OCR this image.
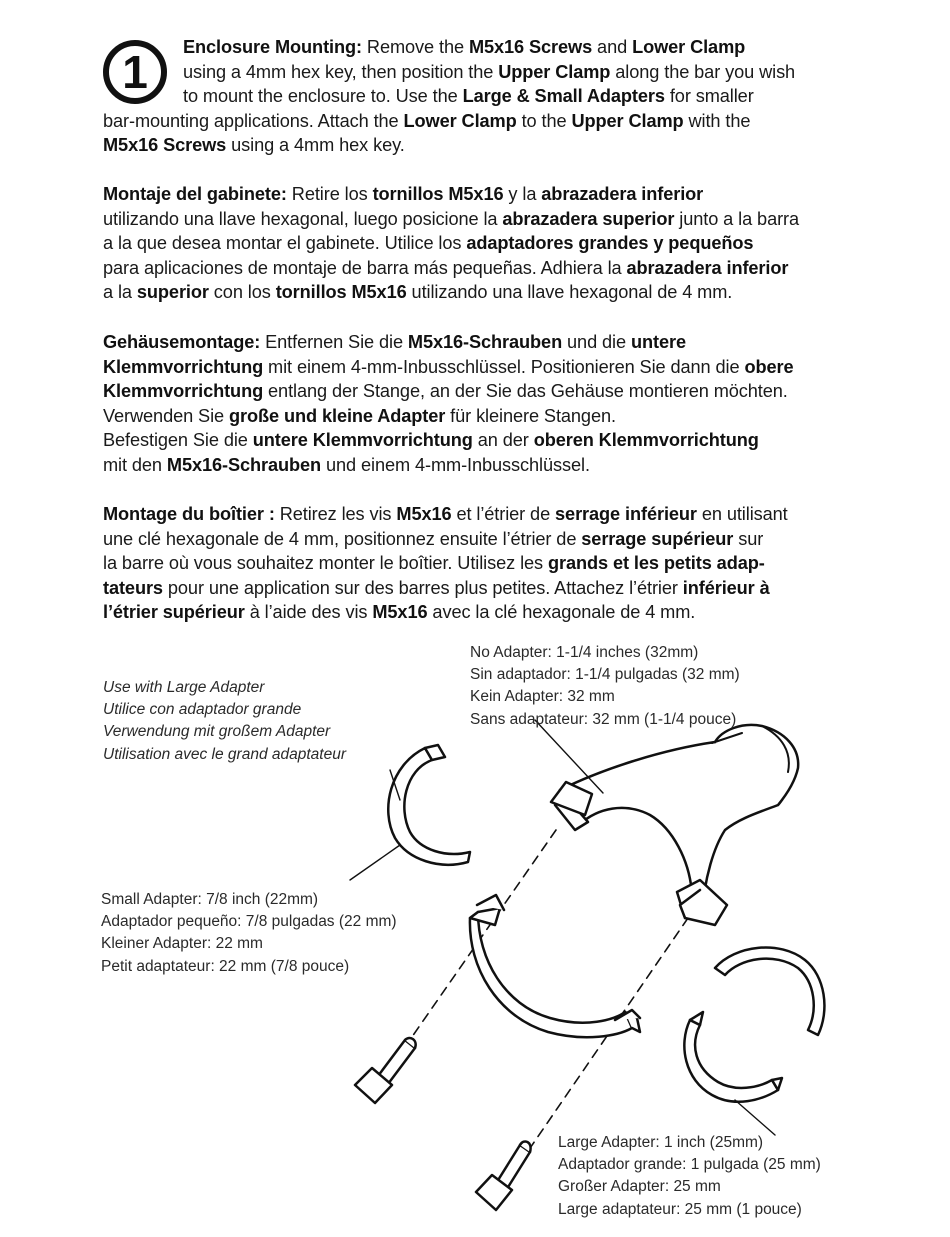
1	Enclosure Mounting: Remove the M5x16 Screws and Lower Clamp
using a 4mm hex key, then position the Upper Clamp along the bar you wish
to mount the enclosure to. Use the Large & Small Adapters for smaller
bar-mounting applications. Attach the Lower Clamp to the Upper Clamp with the
M5x16 Screws using a 4mm hex key.
Montaje del gabinete: Retire los tornillos M5x16 y la abrazadera inferior
utilizando una llave hexagonal, luego posicione la abrazadera superior junto a la barra
a la que desea montar el gabinete. Utilice los adaptadores grandes y pequeños
para aplicaciones de montaje de barra más pequeñas. Adhiera la abrazadera inferior
a la superior con los tornillos M5x16 utilizando una llave hexagonal de 4 mm.
Gehäusemontage: Entfernen Sie die M5x16-Schrauben und die untere
Klemmvorrichtung mit einem 4-mm-Inbusschlüssel. Positionieren Sie dann die obere
Klemmvorrichtung entlang der Stange, an der Sie das Gehäuse montieren möchten.
Verwenden Sie große und kleine Adapter für kleinere Stangen.
Befestigen Sie die untere Klemmvorrichtung an der oberen Klemmvorrichtung
mit den M5x16-Schrauben und einem 4-mm-Inbusschlüssel.
Montage du boîtier : Retirez les vis M5x16 et l’étrier de serrage inférieur en utilisant
une clé hexagonale de 4 mm, positionnez ensuite l’étrier de serrage supérieur sur
la barre où vous souhaitez monter le boîtier. Utilisez les grands et les petits adap-
tateurs pour une application sur des barres plus petites. Attachez l’étrier inférieur à
l’étrier supérieur à l’aide des vis M5x16 avec la clé hexagonale de 4 mm.
No Adapter: 1-1/4 inches (32mm)
Sin adaptador: 1-1/4 pulgadas (32 mm)
Kein Adapter: 32 mm
Sans adaptateur: 32 mm (1-1/4 pouce)
Use with Large Adapter
Utilice con adaptador grande
Verwendung mit großem Adapter
Utilisation avec le grand adaptateur
Small Adapter: 7/8 inch (22mm)
Adaptador pequeño: 7/8 pulgadas (22 mm)
Kleiner Adapter: 22 mm
Petit adaptateur: 22 mm (7/8 pouce)
Large Adapter: 1 inch (25mm)
Adaptador grande: 1 pulgada (25 mm)
Großer Adapter: 25 mm
Large adaptateur: 25 mm (1 pouce)
